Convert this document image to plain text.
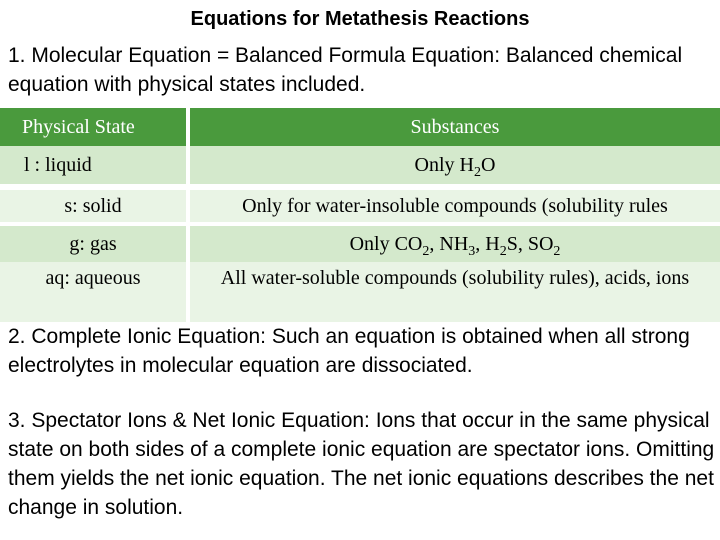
Equations for Metathesis Reactions
1. Molecular Equation = Balanced Formula Equation: Balanced chemical equation with physical states included.
Physical State	Substances
l : liquid	Only $H_2O$
s: solid	Only for water-insoluble compounds (solubility rules
g: gas	Only $CO_2$, $NH_3$, $H_2S$, $SO_2$
aq: aqueous	All water-soluble compounds (solubility rules), acids, ions
2. Complete Ionic Equation: Such an equation is obtained when all strong electrolytes in molecular equation are dissociated.
3. Spectator Ions & Net Ionic Equation: Ions that occur in the same physical state on both sides of a complete ionic equation are spectator ions. Omitting them yields the net ionic equation. The net ionic equations describes the net change in solution.
